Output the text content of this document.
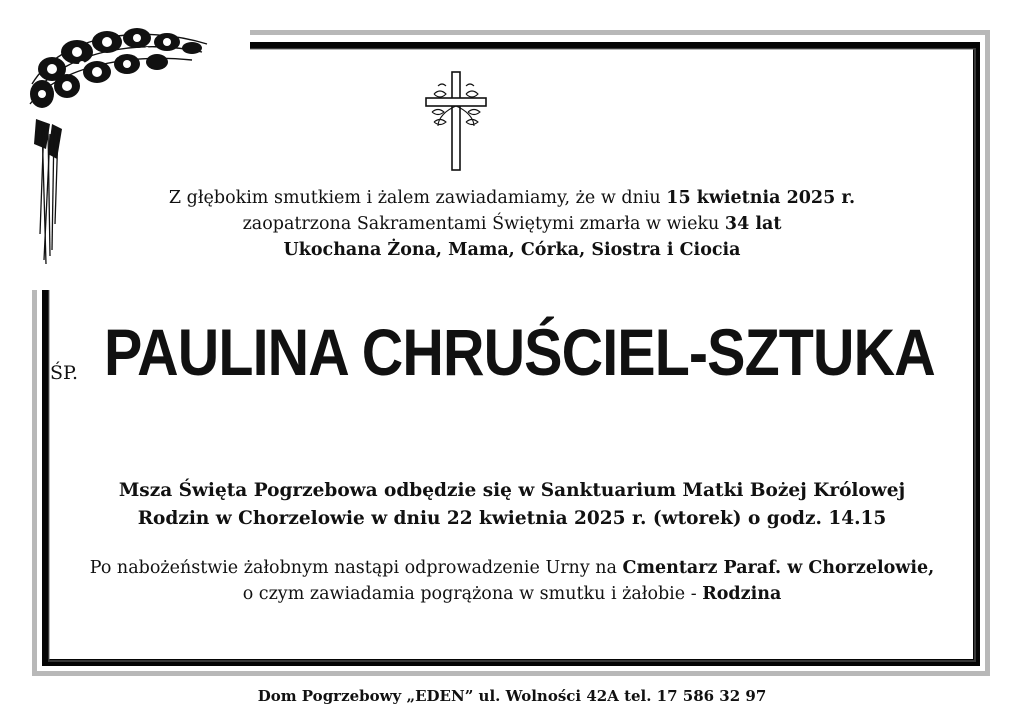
Z głębokim smutkiem i żalem zawiadamiamy, że w dniu 15 kwietnia 2025 r.
zaopatrzona Sakramentami Świętymi zmarła w wieku 34 lat
Ukochana Żona, Mama, Córka, Siostra i Ciocia
ŚP. PAULINA CHRUŚCIEL-SZTUKA
Msza Święta Pogrzebowa odbędzie się w Sanktuarium Matki Bożej Królowej
Rodzin w Chorzelowie w dniu 22 kwietnia 2025 r. (wtorek) o godz. 14.15
Po nabożeństwie żałobnym nastąpi odprowadzenie Urny na Cmentarz Paraf. w Chorzelowie,
o czym zawiadamia pogrążona w smutku i żałobie - Rodzina
Dom Pogrzebowy „EDEN” ul. Wolności 42A tel. 17 586 32 97
